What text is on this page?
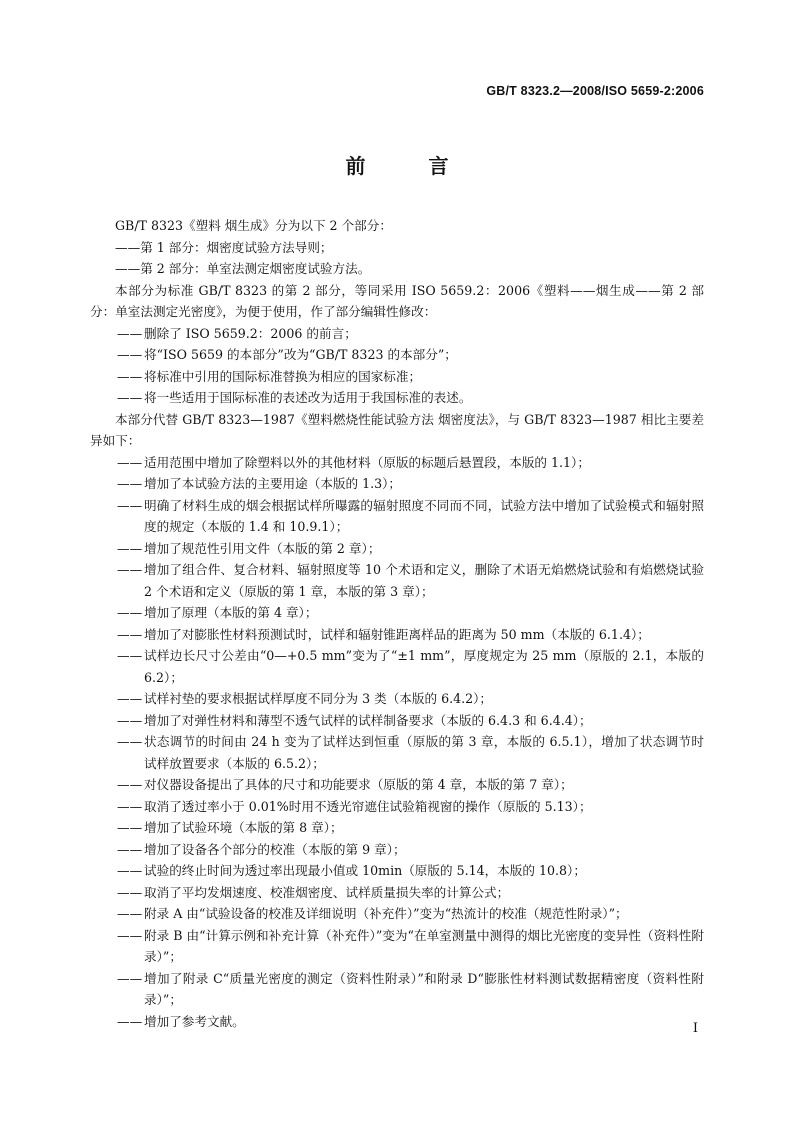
GB/T 8323.2—2008/ISO 5659-2:2006
前 言

GB/T 8323《塑料 烟生成》分为以下 2 个部分：

——第 1 部分：烟密度试验方法导则；

——第 2 部分：单室法测定烟密度试验方法。

本部分为标准 GB/T 8323 的第 2 部分，等同采用 ISO 5659.2：2006《塑料——烟生成——第 2 部分：单室法测定光密度》，为便于使用，作了部分编辑性修改：

—— 删除了 ISO 5659.2：2006 的前言；
—— 将“ISO 5659 的本部分”改为“GB/T 8323 的本部分”；
—— 将标准中引用的国际标准替换为相应的国家标准；
—— 将一些适用于国际标准的表述改为适用于我国标准的表述。

本部分代替 GB/T 8323—1987《塑料燃烧性能试验方法 烟密度法》，与 GB/T 8323—1987 相比主要差异如下：

—— 适用范围中增加了除塑料以外的其他材料（原版的标题后悬置段，本版的 1.1）；
—— 增加了本试验方法的主要用途（本版的 1.3）；
—— 明确了材料生成的烟会根据试样所曝露的辐射照度不同而不同，试验方法中增加了试验模式和辐射照度的规定（本版的 1.4 和 10.9.1）；
—— 增加了规范性引用文件（本版的第 2 章）；
—— 增加了组合件、复合材料、辐射照度等 10 个术语和定义，删除了术语无焰燃烧试验和有焰燃烧试验 2 个术语和定义（原版的第 1 章，本版的第 3 章）；
—— 增加了原理（本版的第 4 章）；
—— 增加了对膨胀性材料预测试时，试样和辐射锥距离样品的距离为 50 mm（本版的 6.1.4）；
—— 试样边长尺寸公差由“0—+0.5 mm”变为了“±1 mm”，厚度规定为 25 mm（原版的 2.1，本版的 6.2）；
—— 试样衬垫的要求根据试样厚度不同分为 3 类（本版的 6.4.2）；
—— 增加了对弹性材料和薄型不透气试样的试样制备要求（本版的 6.4.3 和 6.4.4）；
—— 状态调节的时间由 24 h 变为了试样达到恒重（原版的第 3 章，本版的 6.5.1），增加了状态调节时试样放置要求（本版的 6.5.2）；
—— 对仪器设备提出了具体的尺寸和功能要求（原版的第 4 章，本版的第 7 章）；
—— 取消了透过率小于 0.01%时用不透光帘遮住试验箱视窗的操作（原版的 5.13）；
—— 增加了试验环境（本版的第 8 章）；
—— 增加了设备各个部分的校准（本版的第 9 章）；
—— 试验的终止时间为透过率出现最小值或 10min（原版的 5.14，本版的 10.8）；
—— 取消了平均发烟速度、校准烟密度、试样质量损失率的计算公式；
—— 附录 A 由“试验设备的校准及详细说明（补充件）”变为“热流计的校准（规范性附录）”；
—— 附录 B 由“计算示例和补充计算（补充件）”变为“在单室测量中测得的烟比光密度的变异性（资料性附录）”；
—— 增加了附录 C“质量光密度的测定（资料性附录）”和附录 D“膨胀性材料测试数据精密度（资料性附录）”；
—— 增加了参考文献。	I
